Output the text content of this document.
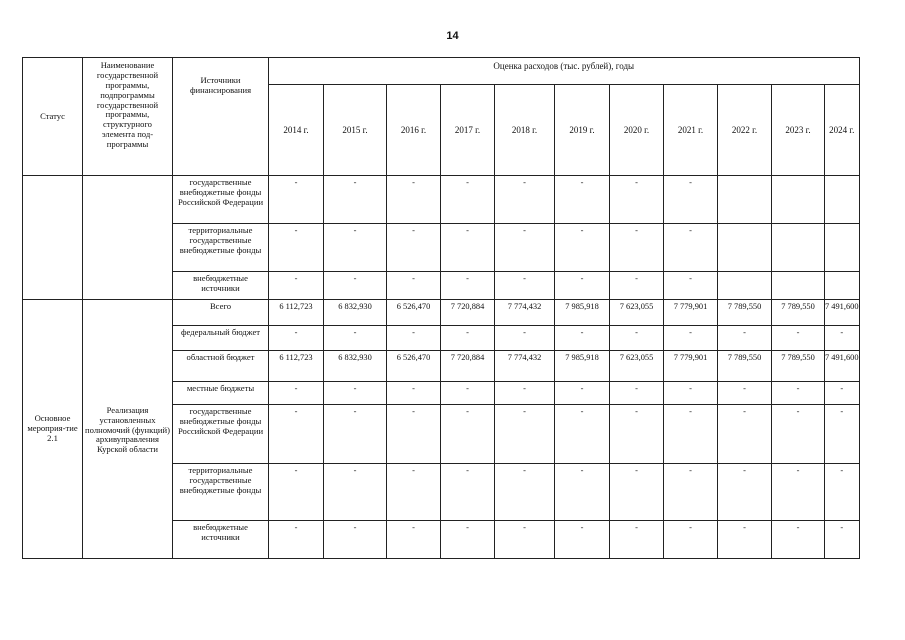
14
Статус	Наименование государственной программы, подпрограммы государственной программы, структурного элемента под-программы	Источники финансирования	Оценка расходов (тыс. рублей), годы										
			2014 г.	2015 г.	2016 г.	2017 г.	2018 г.	2019 г.	2020 г.	2021 г.	2022 г.	2023 г.	2024 г.
		государственные внебюджетные фонды Российской Федерации	-	-	-	-	-	-	-	-			
		территориальные государственные внебюджетные фонды	-	-	-	-	-	-	-	-			
		внебюджетные источники	-	-	-	-	-	-	-	-			
Основное мероприя-тие 2.1	Реализация установленных полномочий (функций) архивуправления Курской области	Всего	6 112,723	6 832,930	6 526,470	7 720,884	7 774,432	7 985,918	7 623,055	7 779,901	7 789,550	7 789,550	7 491,600
		федеральный бюджет	-	-	-	-	-	-	-	-	-	-	-
		областной бюджет	6 112,723	6 832,930	6 526,470	7 720,884	7 774,432	7 985,918	7 623,055	7 779,901	7 789,550	7 789,550	7 491,600
		местные бюджеты	-	-	-	-	-	-	-	-	-	-	-
		государственные внебюджетные фонды Российской Федерации	-	-	-	-	-	-	-	-	-	-	-
		территориальные государственные внебюджетные фонды	-	-	-	-	-	-	-	-	-	-	-
		внебюджетные источники	-	-	-	-	-	-	-	-	-	-	-
